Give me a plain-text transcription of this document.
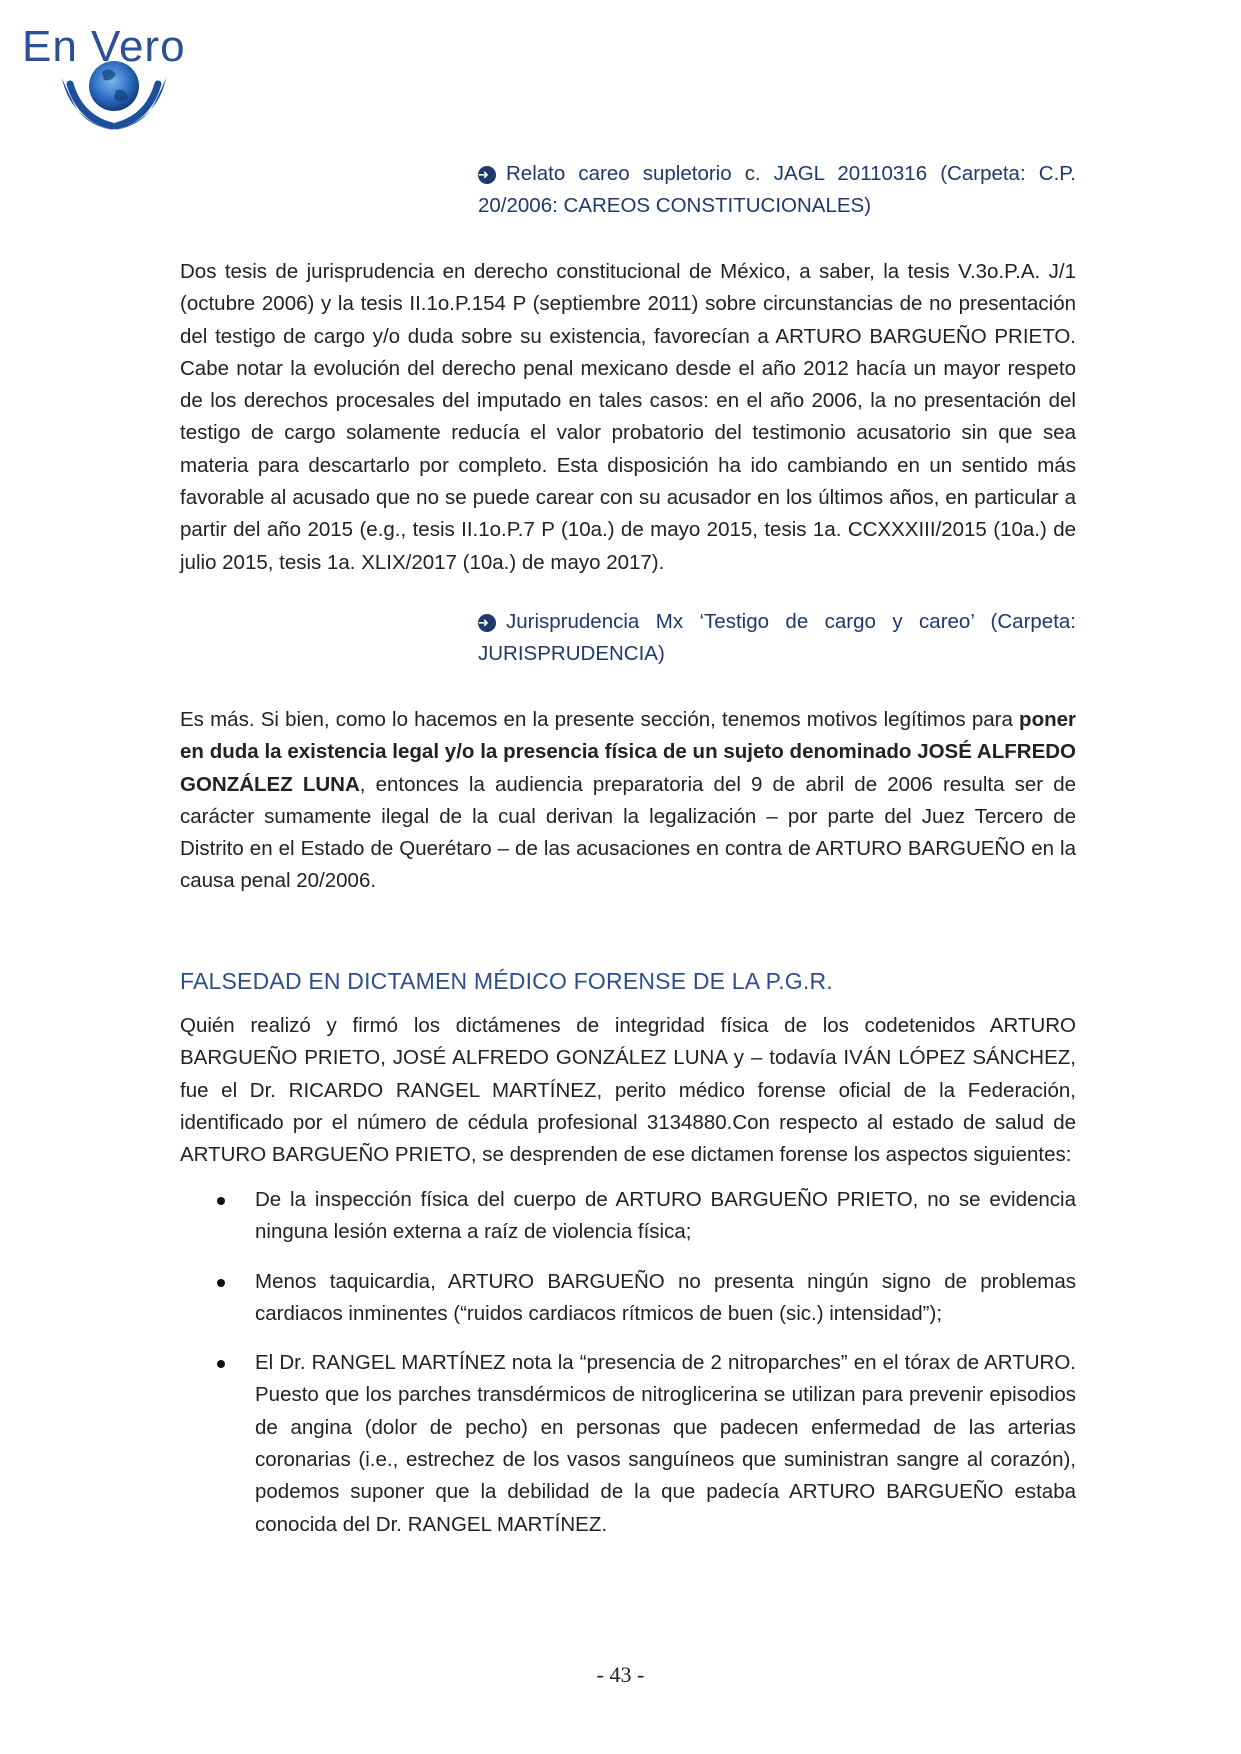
En Vero
➜ Relato careo supletorio c. JAGL 20110316 (Carpeta: C.P. 20/2006: CAREOS CONSTITUCIONALES)

Dos tesis de jurisprudencia en derecho constitucional de México, a saber, la tesis V.3o.P.A. J/1 (octubre 2006) y la tesis II.1o.P.154 P (septiembre 2011) sobre circunstancias de no presentación del testigo de cargo y/o duda sobre su existencia, favorecían a ARTURO BARGUEÑO PRIETO. Cabe notar la evolución del derecho penal mexicano desde el año 2012 hacía un mayor respeto de los derechos procesales del imputado en tales casos: en el año 2006, la no presentación del testigo de cargo solamente reducía el valor probatorio del testimonio acusatorio sin que sea materia para descartarlo por completo. Esta disposición ha ido cambiando en un sentido más favorable al acusado que no se puede carear con su acusador en los últimos años, en particular a partir del año 2015 (e.g., tesis II.1o.P.7 P (10a.) de mayo 2015, tesis 1a. CCXXXIII/2015 (10a.) de julio 2015, tesis 1a. XLIX/2017 (10a.) de mayo 2017).

➜ Jurisprudencia Mx ‘Testigo de cargo y careo’ (Carpeta: JURISPRUDENCIA)

Es más. Si bien, como lo hacemos en la presente sección, tenemos motivos legítimos para poner en duda la existencia legal y/o la presencia física de un sujeto denominado JOSÉ ALFREDO GONZÁLEZ LUNA, entonces la audiencia preparatoria del 9 de abril de 2006 resulta ser de carácter sumamente ilegal de la cual derivan la legalización – por parte del Juez Tercero de Distrito en el Estado de Querétaro – de las acusaciones en contra de ARTURO BARGUEÑO en la causa penal 20/2006.

FALSEDAD EN DICTAMEN MÉDICO FORENSE DE LA P.G.R.

Quién realizó y firmó los dictámenes de integridad física de los codetenidos ARTURO BARGUEÑO PRIETO, JOSÉ ALFREDO GONZÁLEZ LUNA y – todavía IVÁN LÓPEZ SÁNCHEZ, fue el Dr. RICARDO RANGEL MARTÍNEZ, perito médico forense oficial de la Federación, identificado por el número de cédula profesional 3134880.Con respecto al estado de salud de ARTURO BARGUEÑO PRIETO, se desprenden de ese dictamen forense los aspectos siguientes:

De la inspección física del cuerpo de ARTURO BARGUEÑO PRIETO, no se evidencia ninguna lesión externa a raíz de violencia física;
Menos taquicardia, ARTURO BARGUEÑO no presenta ningún signo de problemas cardiacos inminentes (“ruidos cardiacos rítmicos de buen (sic.) intensidad”);
El Dr. RANGEL MARTÍNEZ nota la “presencia de 2 nitroparches” en el tórax de ARTURO. Puesto que los parches transdérmicos de nitroglicerina se utilizan para prevenir episodios de angina (dolor de pecho) en personas que padecen enfermedad de las arterias coronarias (i.e., estrechez de los vasos sanguíneos que suministran sangre al corazón), podemos suponer que la debilidad de la que padecía ARTURO BARGUEÑO estaba conocida del Dr. RANGEL MARTÍNEZ.
- 43 -
